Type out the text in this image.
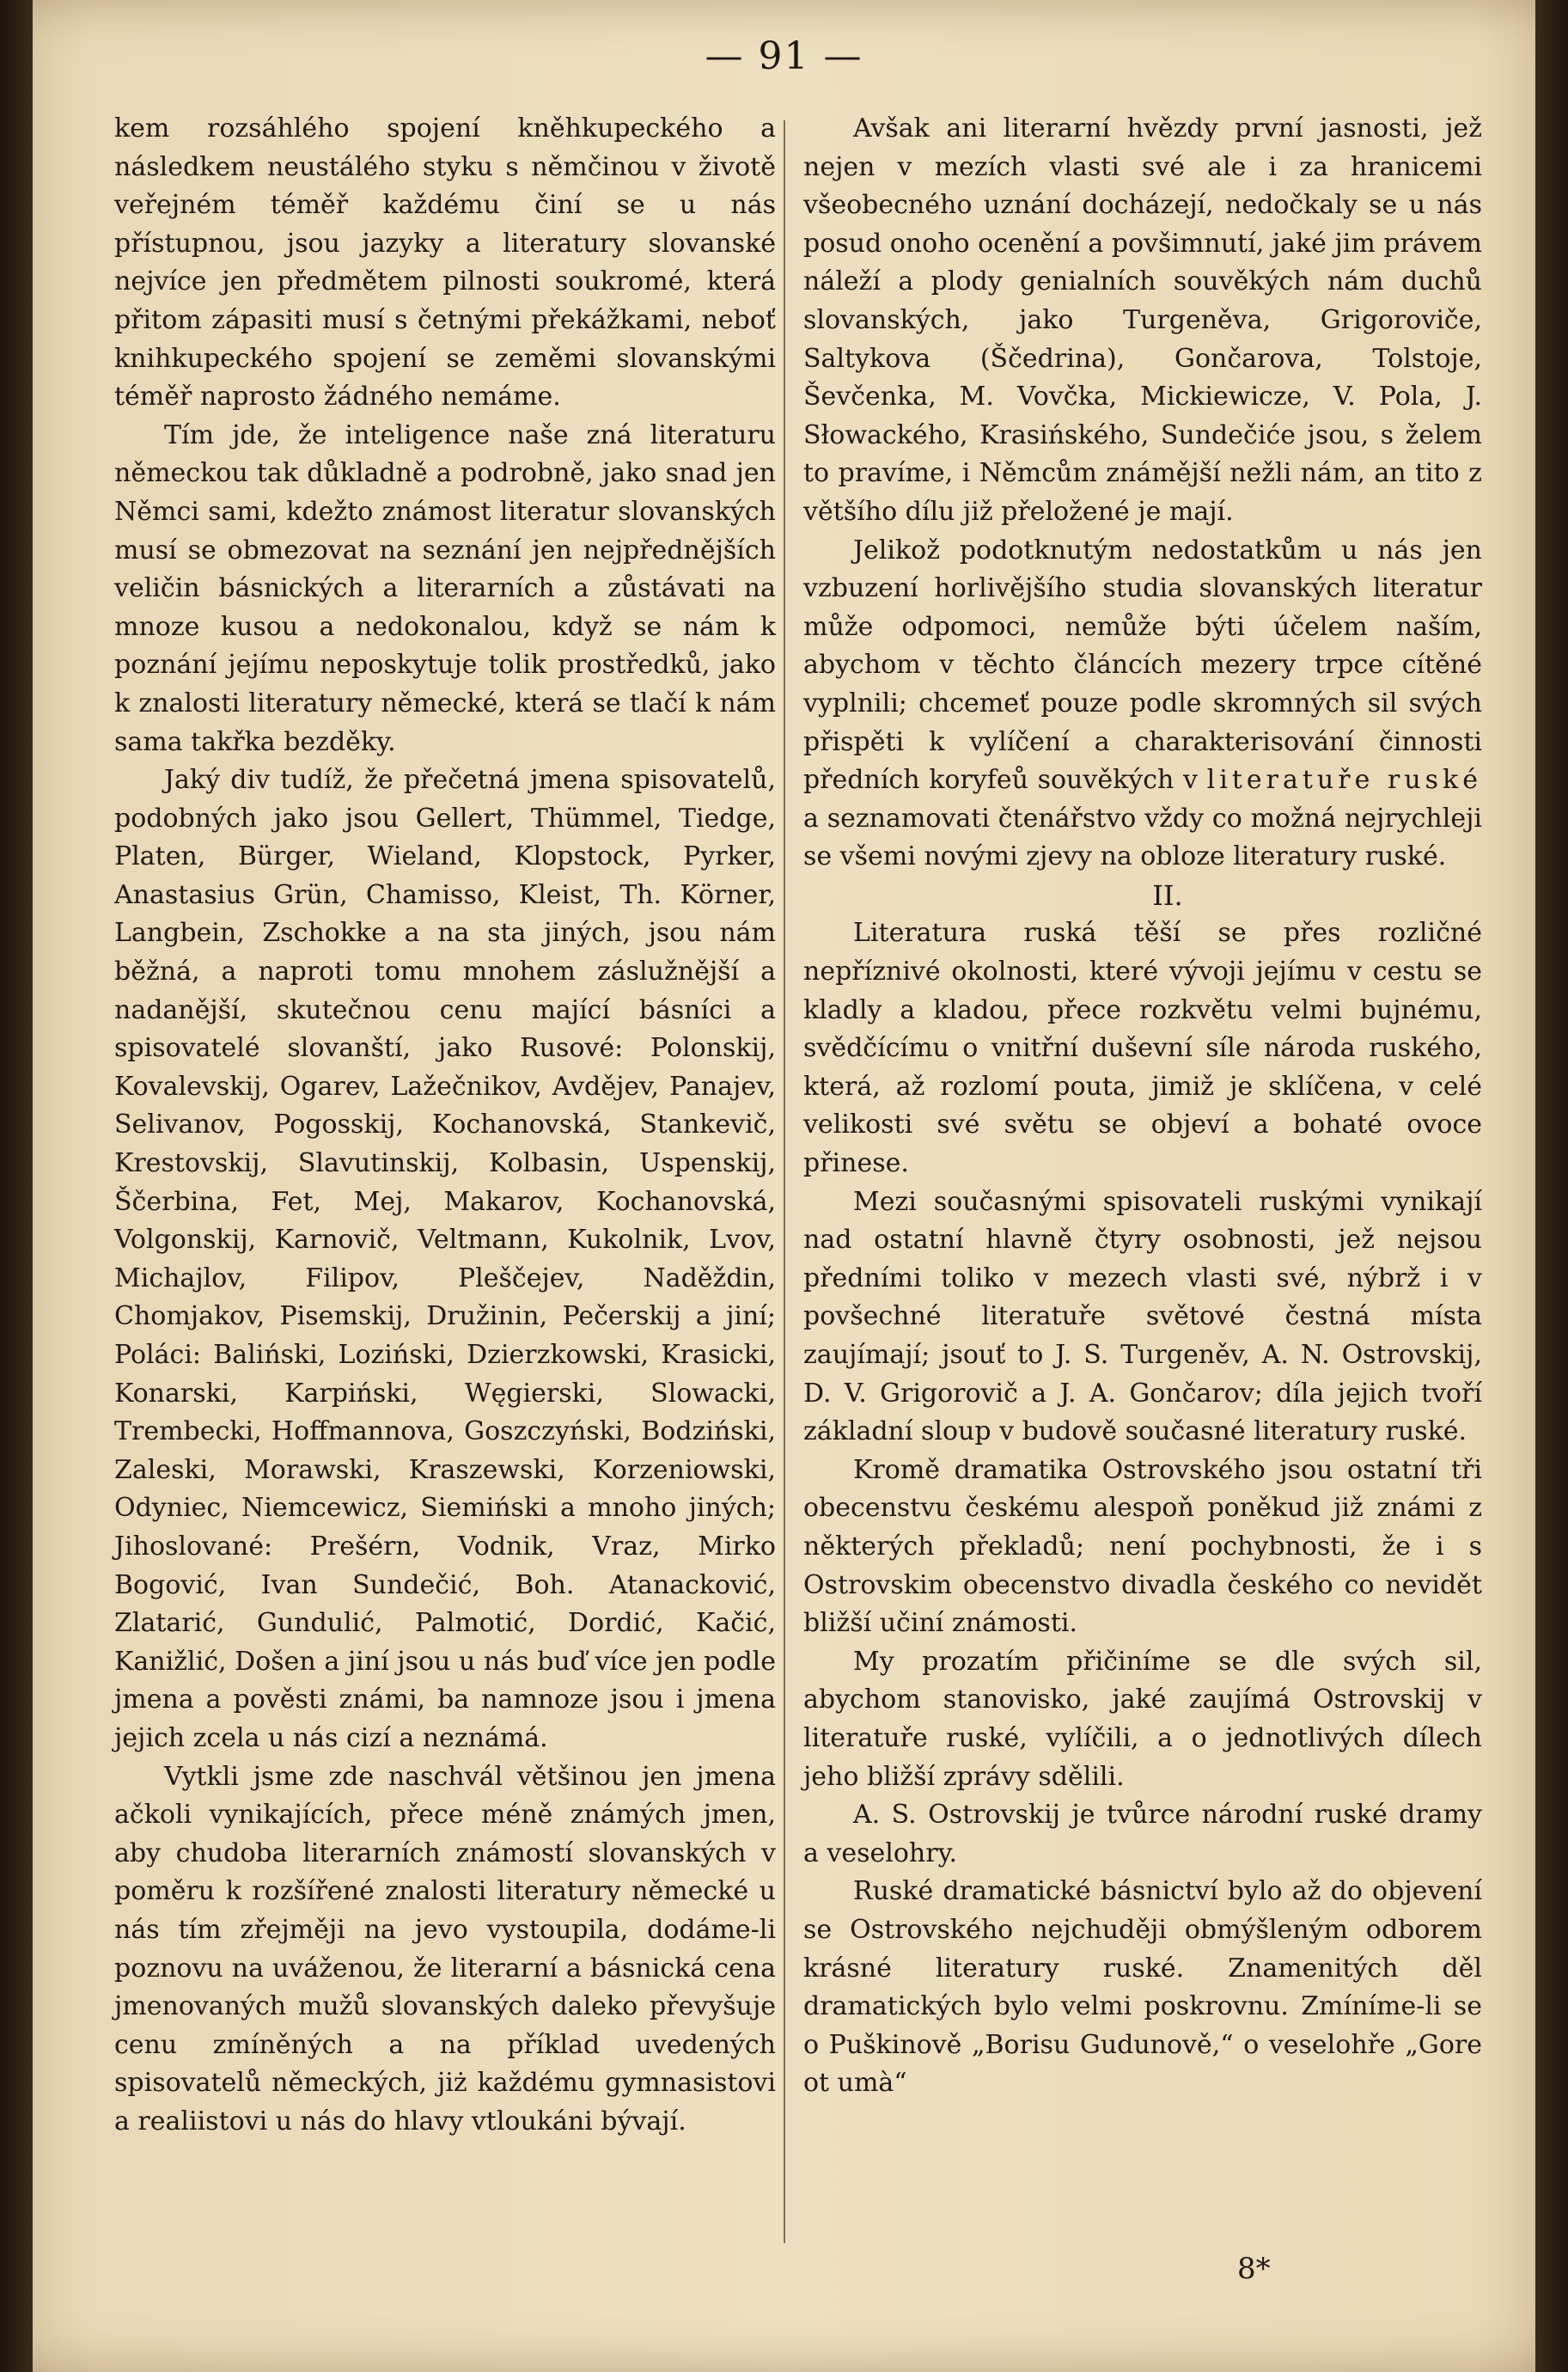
— 91 —

kem rozsáhlého spojení kněhkupeckého a následkem neustálého styku s němčinou v životě veřejném téměř každému činí se u nás přístupnou, jsou jazyky a literatury slovanské nejvíce jen předmětem pilnosti soukromé, která přitom zápasiti musí s četnými překážkami, neboť knihkupeckého spojení se zeměmi slovanskými téměř naprosto žádného nemáme.

Tím jde, že inteligence naše zná literaturu německou tak důkladně a podrobně, jako snad jen Němci sami, kdežto známost literatur slovanských musí se obmezovat na seznání jen nejpřednějších veličin básnických a literarních a zůstávati na mnoze kusou a nedokonalou, když se nám k poznání jejímu neposkytuje tolik prostředků, jako k znalosti literatury německé, která se tlačí k nám sama takřka bezděky.

Jaký div tudíž, že přečetná jmena spisovatelů, podobných jako jsou Gellert, Thümmel, Tiedge, Platen, Bürger, Wieland, Klopstock, Pyrker, Anastasius Grün, Chamisso, Kleist, Th. Körner, Langbein, Zschokke a na sta jiných, jsou nám běžná, a naproti tomu mnohem záslužnější a nadanější, skutečnou cenu mající básníci a spisovatelé slovanští, jako Rusové: Polonskij, Kovalevskij, Ogarev, Lažečnikov, Avdějev, Panajev, Selivanov, Pogosskij, Kochanovská, Stankevič, Krestovskij, Slavutinskij, Kolbasin, Uspenskij, Ščerbina, Fet, Mej, Makarov, Kochanovská, Volgonskij, Karnovič, Veltmann, Kukolnik, Lvov, Michajlov, Filipov, Pleščejev, Naděždin, Chomjakov, Pisemskij, Družinin, Pečerskij a jiní; Poláci: Baliński, Loziński, Dzierzkowski, Krasicki, Konarski, Karpiński, Węgierski, Slowacki, Trembecki, Hoffmannova, Goszczyński, Bodziński, Zaleski, Morawski, Kraszewski, Korzeniowski, Odyniec, Niemcewicz, Siemiński a mnoho jiných; Jihoslované: Prešérn, Vodnik, Vraz, Mirko Bogović, Ivan Sundečić, Boh. Atanacković, Zlatarić, Gundulić, Palmotić, Dordić, Kačić, Kanižlić, Došen a jiní jsou u nás buď více jen podle jmena a pověsti známi, ba namnoze jsou i jmena jejich zcela u nás cizí a neznámá.

Vytkli jsme zde naschvál většinou jen jmena ačkoli vynikajících, přece méně známých jmen, aby chudoba literarních známostí slovanských v poměru k rozšířené znalosti literatury německé u nás tím zřejměji na jevo vystoupila, dodáme-li poznovu na uváženou, že literarní a básnická cena jmenovaných mužů slovanských daleko převyšuje cenu zmíněných a na příklad uvedených spisovatelů německých, jiż každému gymnasistovi a realiistovi u nás do hlavy vtloukáni bývají.

Avšak ani literarní hvězdy první jasnosti, jež nejen v mezích vlasti své ale i za hranicemi všeobecného uznání docházejí, nedočkaly se u nás posud onoho ocenění a povšimnutí, jaké jim právem náleží a plody genialních souvěkých nám duchů slovanských, jako Turgeněva, Grigoroviče, Saltykova (Ščedrina), Gončarova, Tolstoje, Ševčenka, M. Vovčka, Mickiewicze, V. Pola, J. Słowackého, Krasińského, Sundečiće jsou, s želem to pravíme, i Němcům známější nežli nám, an tito z většího dílu již přeložené je mají.

Jelikož podotknutým nedostatkům u nás jen vzbuzení horlivějšího studia slovanských literatur může odpomoci, nemůže býti účelem naším, abychom v těchto článcích mezery trpce cítěné vyplnili; chcemeť pouze podle skromných sil svých přispěti k vylíčení a charakterisování činnosti předních koryfeů souvěkých v literatuře ruské a seznamovati čtenářstvo vždy co možná nejrychleji se všemi novými zjevy na obloze literatury ruské.

II.

Literatura ruská těší se přes rozličné nepříznivé okolnosti, které vývoji jejímu v cestu se kladly a kladou, přece rozkvětu velmi bujnému, svědčícímu o vnitřní duševní síle národa ruského, která, až rozlomí pouta, jimiž je sklíčena, v celé velikosti své světu se objeví a bohaté ovoce přinese.

Mezi současnými spisovateli ruskými vynikají nad ostatní hlavně čtyry osobnosti, jež nejsou předními toliko v mezech vlasti své, nýbrž i v povšechné literatuře světové čestná místa zaujímají; jsouť to J. S. Turgeněv, A. N. Ostrovskij, D. V. Grigorovič a J. A. Gončarov; díla jejich tvoří základní sloup v budově současné literatury ruské.

Kromě dramatika Ostrovského jsou ostatní tři obecenstvu českému alespoň poněkud již známi z některých překladů; není pochybnosti, že i s Ostrovskim obecenstvo divadla českého co nevidět bližší učiní známosti.

My prozatím přičiníme se dle svých sil, abychom stanovisko, jaké zaujímá Ostrovskij v literatuře ruské, vylíčili, a o jednotlivých dílech jeho bližší zprávy sdělili.

A. S. Ostrovskij je tvůrce národní ruské dramy a veselohry.

Ruské dramatické básnictví bylo až do objevení se Ostrovského nejchuději obmýšleným odborem krásné literatury ruské. Znamenitých děl dramatických bylo velmi poskrovnu. Zmíníme-li se o Puškinově „Borisu Gudunově,“ o veselohře „Gore ot umà“

8*
